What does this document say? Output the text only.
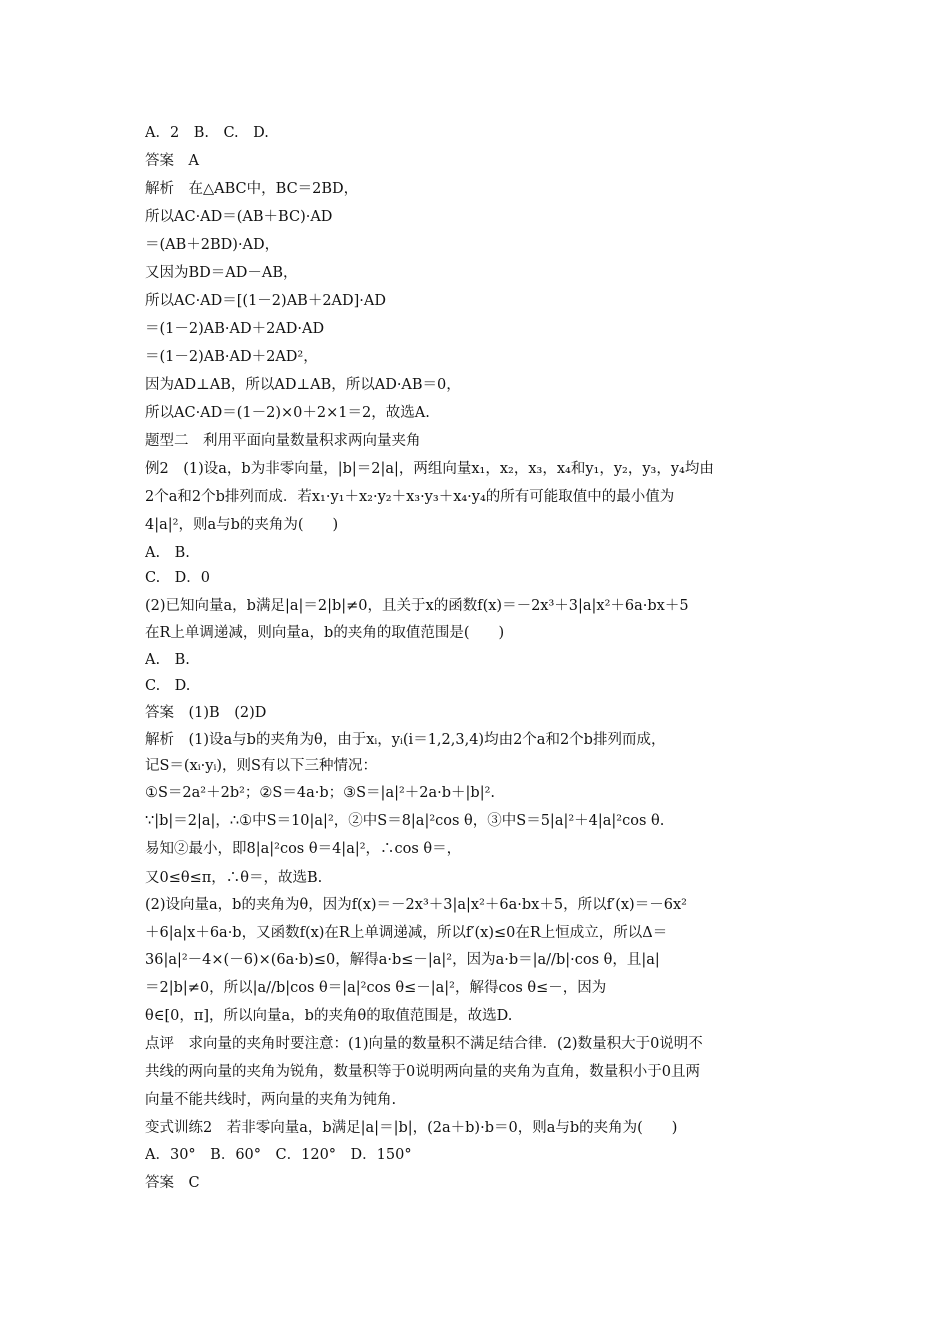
A．2　B.　C.　D.
答案　A
解析　在△ABC中，BC＝2BD，
所以AC·AD＝(AB＋BC)·AD
＝(AB＋2BD)·AD，
又因为BD＝AD－AB，
所以AC·AD＝[(1－2)AB＋2AD]·AD
＝(1－2)AB·AD＋2AD·AD
＝(1－2)AB·AD＋2AD²，
因为AD⊥AB，所以AD⊥AB，所以AD·AB＝0，
所以AC·AD＝(1－2)×0＋2×1＝2，故选A.
题型二　利用平面向量数量积求两向量夹角
例2　(1)设a，b为非零向量，|b|＝2|a|，两组向量x₁，x₂，x₃，x₄和y₁，y₂，y₃，y₄均由
2个a和2个b排列而成．若x₁·y₁＋x₂·y₂＋x₃·y₃＋x₄·y₄的所有可能取值中的最小值为
4|a|²，则a与b的夹角为(　　)
A.　B.
C.　D．0
(2)已知向量a，b满足|a|＝2|b|≠0，且关于x的函数f(x)＝－2x³＋3|a|x²＋6a·bx＋5
在R上单调递减，则向量a，b的夹角的取值范围是(　　)
A.　B.
C.　D.
答案　(1)B　(2)D
解析　(1)设a与b的夹角为θ，由于xᵢ，yᵢ(i＝1,2,3,4)均由2个a和2个b排列而成，
记S＝(xᵢ·yᵢ)，则S有以下三种情况：
①S＝2a²＋2b²；②S＝4a·b；③S＝|a|²＋2a·b＋|b|².
∵|b|＝2|a|，∴①中S＝10|a|²，②中S＝8|a|²cos θ，③中S＝5|a|²＋4|a|²cos θ.
易知②最小，即8|a|²cos θ＝4|a|²，∴cos θ＝，
又0≤θ≤π，∴θ＝，故选B.
(2)设向量a，b的夹角为θ，因为f(x)＝－2x³＋3|a|x²＋6a·bx＋5，所以f′(x)＝－6x²
＋6|a|x＋6a·b，又函数f(x)在R上单调递减，所以f′(x)≤0在R上恒成立，所以Δ＝
36|a|²－4×(－6)×(6a·b)≤0，解得a·b≤－|a|²，因为a·b＝|a//b|·cos θ，且|a|
＝2|b|≠0，所以|a//b|cos θ＝|a|²cos θ≤－|a|²，解得cos θ≤－，因为
θ∈[0，π]，所以向量a，b的夹角θ的取值范围是，故选D.
点评　求向量的夹角时要注意：(1)向量的数量积不满足结合律．(2)数量积大于0说明不
共线的两向量的夹角为锐角，数量积等于0说明两向量的夹角为直角，数量积小于0且两
向量不能共线时，两向量的夹角为钝角.
变式训练2　若非零向量a，b满足|a|＝|b|，(2a＋b)·b＝0，则a与b的夹角为(　　)
A．30°　B．60°　C．120°　D．150°
答案　C
